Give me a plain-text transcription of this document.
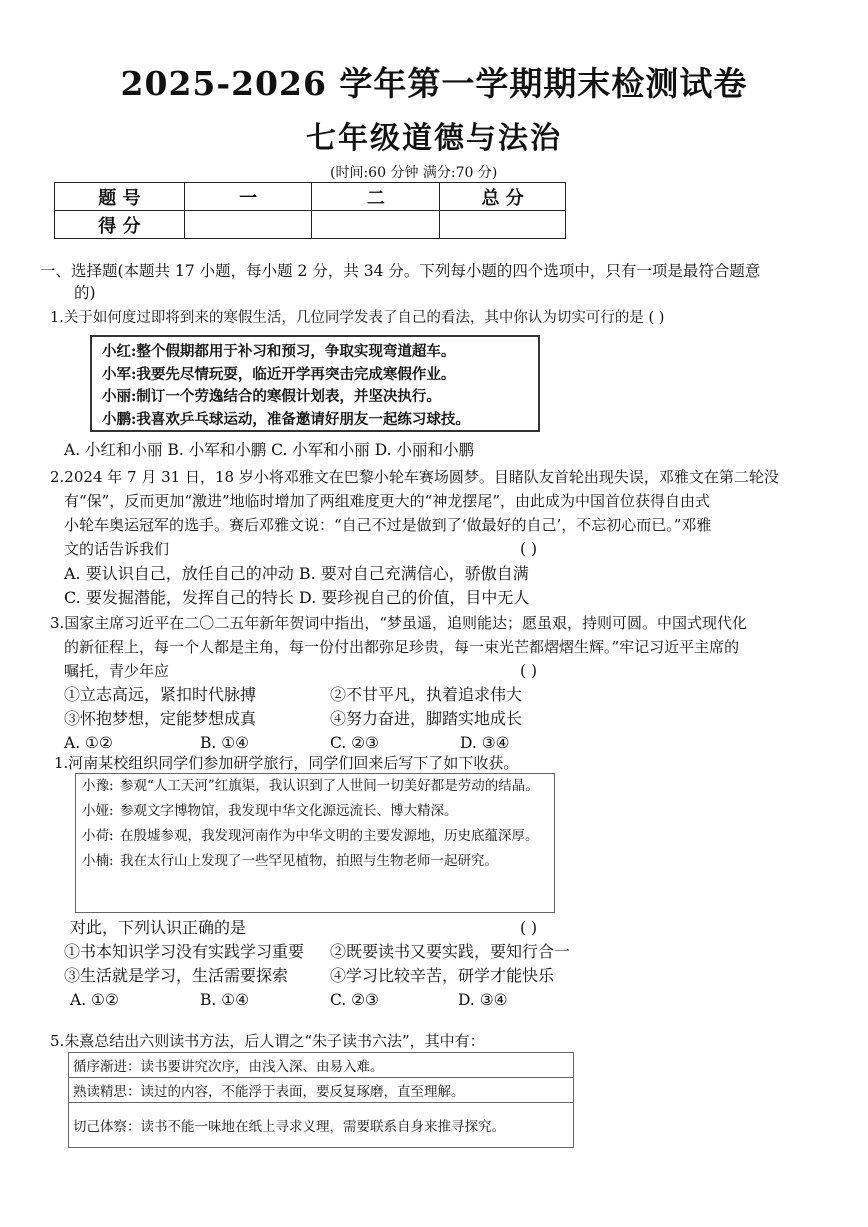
2025-2026 学年第一学期期末检测试卷
七年级道德与法治
(时间:60 分钟 满分:70 分)
题 号	一	二	总 分
得 分			
一、选择题(本题共 17 小题，每小题 2 分，共 34 分。下列每小题的四个选项中，只有一项是最符合题意
的)
1.关于如何度过即将到来的寒假生活，几位同学发表了自己的看法，其中你认为切实可行的是 ( )
小红:整个假期都用于补习和预习，争取实现弯道超车。
小军:我要先尽情玩耍，临近开学再突击完成寒假作业。
小丽:制订一个劳逸结合的寒假计划表，并坚决执行。
小鹏:我喜欢乒乓球运动，准备邀请好朋友一起练习球技。
A. 小红和小丽 B. 小军和小鹏 C. 小军和小丽 D. 小丽和小鹏
2.2024 年 7 月 31 日，18 岁小将邓雅文在巴黎小轮车赛场圆梦。目睹队友首轮出现失误，邓雅文在第二轮没
有“保”，反而更加“激进”地临时增加了两组难度更大的“神龙摆尾”，由此成为中国首位获得自由式
小轮车奥运冠军的选手。赛后邓雅文说：“自己不过是做到了‘做最好的自己’，不忘初心而已。”邓雅
文的话告诉我们	( )
A. 要认识自己，放任自己的冲动 B. 要对自己充满信心，骄傲自满
C. 要发掘潜能，发挥自己的特长 D. 要珍视自己的价值，目中无人
3.国家主席习近平在二〇二五年新年贺词中指出，“梦虽遥，追则能达；愿虽艰，持则可圆。中国式现代化
的新征程上，每一个人都是主角，每一份付出都弥足珍贵，每一束光芒都熠熠生辉。”牢记习近平主席的
嘱托，青少年应	( )
①立志高远，紧扣时代脉搏	②不甘平凡，执着追求伟大
③怀抱梦想，定能梦想成真	④努力奋进，脚踏实地成长
A. ①②	B. ①④	C. ②③	D. ③④
1.河南某校组织同学们参加研学旅行，同学们回来后写下了如下收获。
小豫: 参观“人工天河”红旗渠，我认识到了人世间一切美好都是劳动的结晶。
小娅: 参观文字博物馆，我发现中华文化源远流长、博大精深。
小荷: 在殷墟参观，我发现河南作为中华文明的主要发源地，历史底蕴深厚。
小楠: 我在太行山上发现了一些罕见植物，拍照与生物老师一起研究。
对此，下列认识正确的是	( )
①书本知识学习没有实践学习重要 ②既要读书又要实践，要知行合一
③生活就是学习，生活需要探索	④学习比较辛苦，研学才能快乐
A. ①②	B. ①④	C. ②③	D. ③④
5.朱熹总结出六则读书方法，后人谓之“朱子读书六法”，其中有：
循序渐进：读书要讲究次序，由浅入深、由易入难。
熟读精思：读过的内容，不能浮于表面，要反复琢磨，直至理解。
切己体察：读书不能一味地在纸上寻求义理，需要联系自身来推寻探究。
